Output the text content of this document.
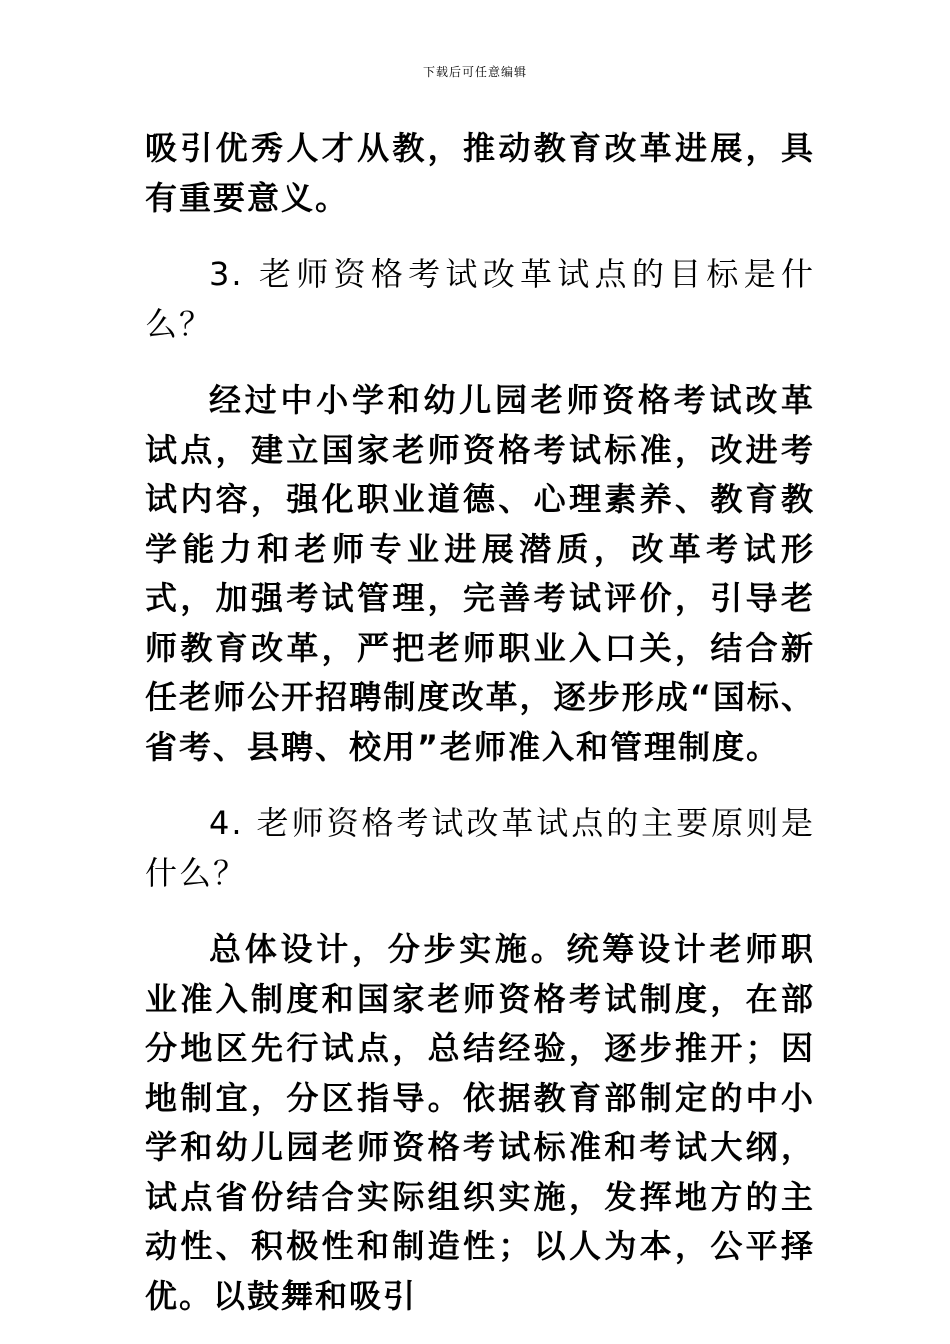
下载后可任意编辑

吸引优秀人才从教，推动教育改革进展，具有重要意义。

3. 老师资格考试改革试点的目标是什么？

经过中小学和幼儿园老师资格考试改革试点，建立国家老师资格考试标准，改进考试内容，强化职业道德、心理素养、教育教学能力和老师专业进展潜质，改革考试形式，加强考试管理，完善考试评价，引导老师教育改革，严把老师职业入口关，结合新任老师公开招聘制度改革，逐步形成“国标、省考、县聘、校用”老师准入和管理制度。

4. 老师资格考试改革试点的主要原则是什么？

总体设计，分步实施。统筹设计老师职业准入制度和国家老师资格考试制度，在部分地区先行试点，总结经验，逐步推开；因地制宜，分区指导。依据教育部制定的中小学和幼儿园老师资格考试标准和考试大纲，试点省份结合实际组织实施，发挥地方的主动性、积极性和制造性；以人为本，公平择优。以鼓舞和吸引
